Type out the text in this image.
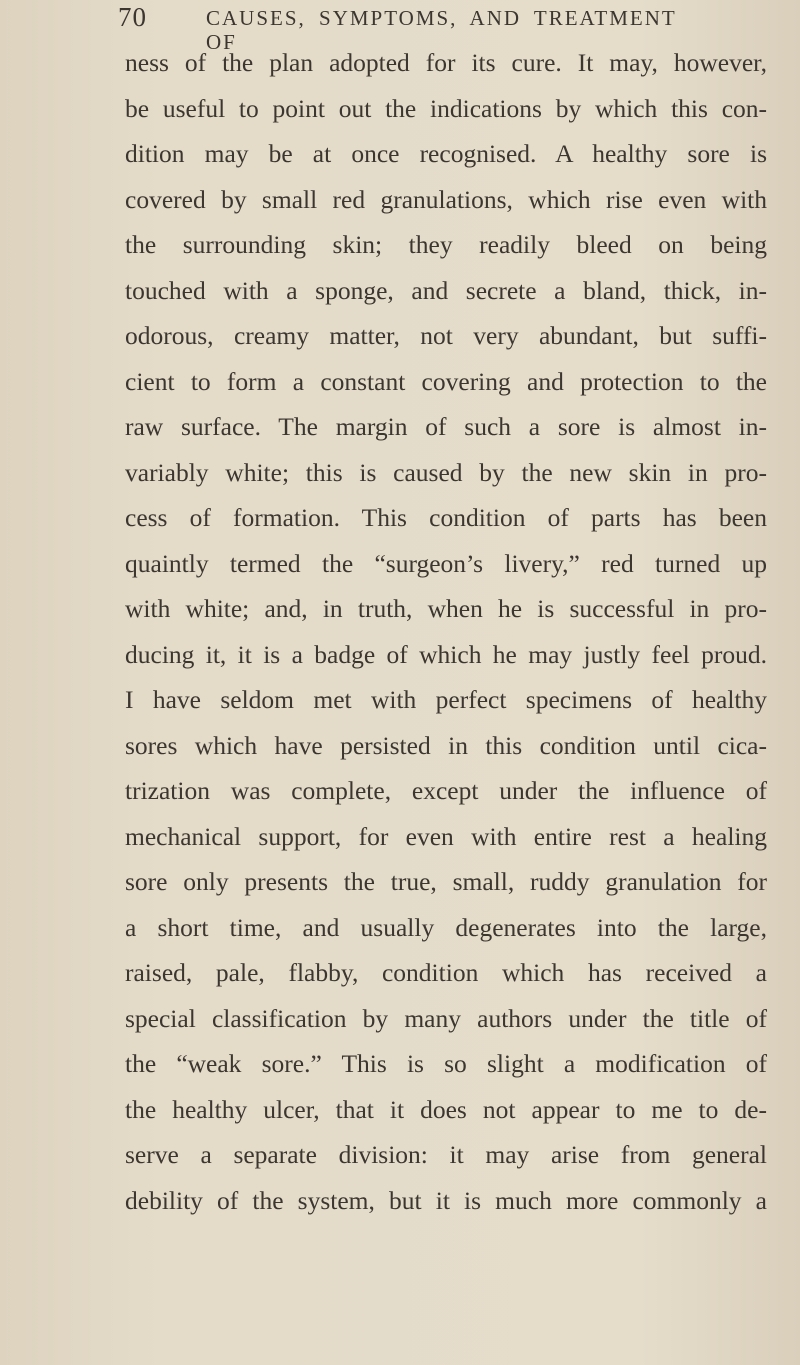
70	CAUSES, SYMPTOMS, AND TREATMENT OF
ness of the plan adopted for its cure. It may, however,
be useful to point out the indications by which this con-
dition may be at once recognised. A healthy sore is
covered by small red granulations, which rise even with
the surrounding skin; they readily bleed on being
touched with a sponge, and secrete a bland, thick, in-
odorous, creamy matter, not very abundant, but suffi-
cient to form a constant covering and protection to the
raw surface. The margin of such a sore is almost in-
variably white; this is caused by the new skin in pro-
cess of formation. This condition of parts has been
quaintly termed the “surgeon’s livery,” red turned up
with white; and, in truth, when he is successful in pro-
ducing it, it is a badge of which he may justly feel proud.
I have seldom met with perfect specimens of healthy
sores which have persisted in this condition until cica-
trization was complete, except under the influence of
mechanical support, for even with entire rest a healing
sore only presents the true, small, ruddy granulation for
a short time, and usually degenerates into the large,
raised, pale, flabby, condition which has received a
special classification by many authors under the title of
the “weak sore.” This is so slight a modification of
the healthy ulcer, that it does not appear to me to de-
serve a separate division: it may arise from general
debility of the system, but it is much more commonly a
